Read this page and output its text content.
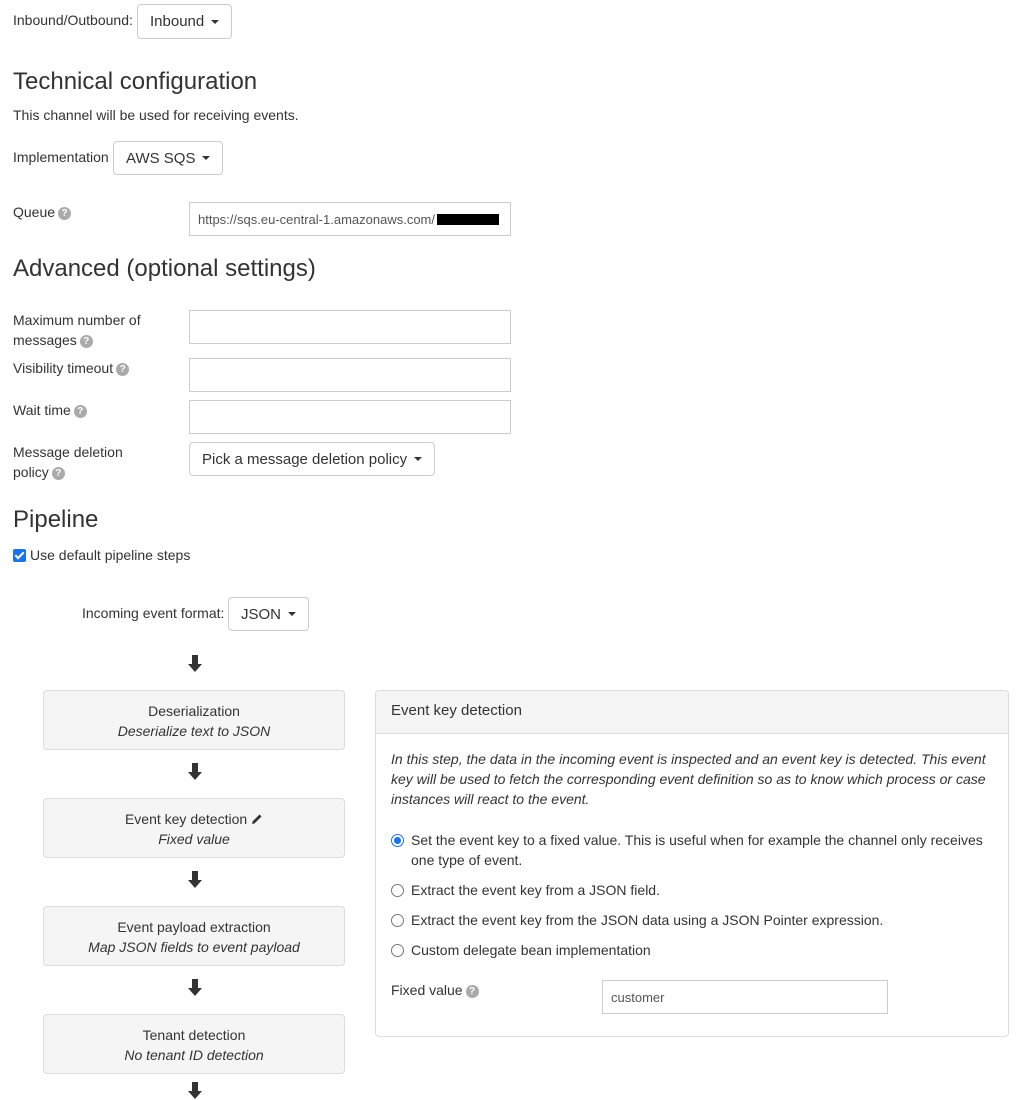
Inbound/Outbound: Inbound
Technical configuration
This channel will be used for receiving events.
Implementation AWS SQS
Queue ?	https://sqs.eu-central-1.amazonaws.com/
Advanced (optional settings)
Maximum number of
messages ?
Visibility timeout ?
Wait time ?
Message deletion
policy ?
Pick a message deletion policy
Pipeline
Use default pipeline steps
Incoming event format: JSON
Deserialization
Deserialize text to JSON
Event key detection
Fixed value
Event payload extraction
Map JSON fields to event payload
Tenant detection
No tenant ID detection
Event key detection
In this step, the data in the incoming event is inspected and an event key is detected. This event key will be used to fetch the corresponding event definition so as to know which process or case instances will react to the event.
Set the event key to a fixed value. This is useful when for example the channel only receives one type of event.
Extract the event key from a JSON field.
Extract the event key from the JSON data using a JSON Pointer expression.
Custom delegate bean implementation
Fixed value ?	customer
